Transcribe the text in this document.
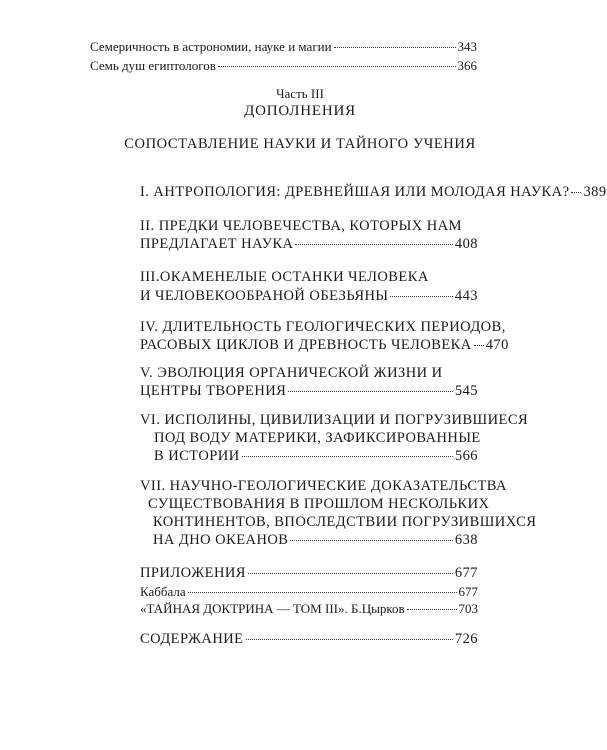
Семеричность в астрономии, науке и магии	343
Семь душ египтологов	366
Часть III
ДОПОЛНЕНИЯ
СОПОСТАВЛЕНИЕ НАУКИ И ТАЙНОГО УЧЕНИЯ
I. АНТРОПОЛОГИЯ: ДРЕВНЕЙШАЯ ИЛИ МОЛОДАЯ НАУКА? 389
II. ПРЕДКИ ЧЕЛОВЕЧЕСТВА, КОТОРЫХ НАМ
ПРЕДЛАГАЕТ НАУКА	408
III.ОКАМЕНЕЛЫЕ ОСТАНКИ ЧЕЛОВЕКА
И ЧЕЛОВЕКООБРАНОЙ ОБЕЗЬЯНЫ	443
IV. ДЛИТЕЛЬНОСТЬ ГЕОЛОГИЧЕСКИХ ПЕРИОДОВ,
РАСОВЫХ ЦИКЛОВ И ДРЕВНОСТЬ ЧЕЛОВЕКА 470
V. ЭВОЛЮЦИЯ ОРГАНИЧЕСКОЙ ЖИЗНИ И
ЦЕНТРЫ ТВОРЕНИЯ	545
VI. ИСПОЛИНЫ, ЦИВИЛИЗАЦИИ И ПОГРУЗИВШИЕСЯ
ПОД ВОДУ МАТЕРИКИ, ЗАФИКСИРОВАННЫЕ
В ИСТОРИИ	566
VII. НАУЧНО-ГЕОЛОГИЧЕСКИЕ ДОКАЗАТЕЛЬСТВА
СУЩЕСТВОВАНИЯ В ПРОШЛОМ НЕСКОЛЬКИХ
КОНТИНЕНТОВ, ВПОСЛЕДСТВИИ ПОГРУЗИВШИХСЯ
НА ДНО ОКЕАНОВ	638
ПРИЛОЖЕНИЯ	677
Каббала	677
«ТАЙНАЯ ДОКТРИНА — ТОМ III». Б.Цырков	703
СОДЕРЖАНИЕ	726
